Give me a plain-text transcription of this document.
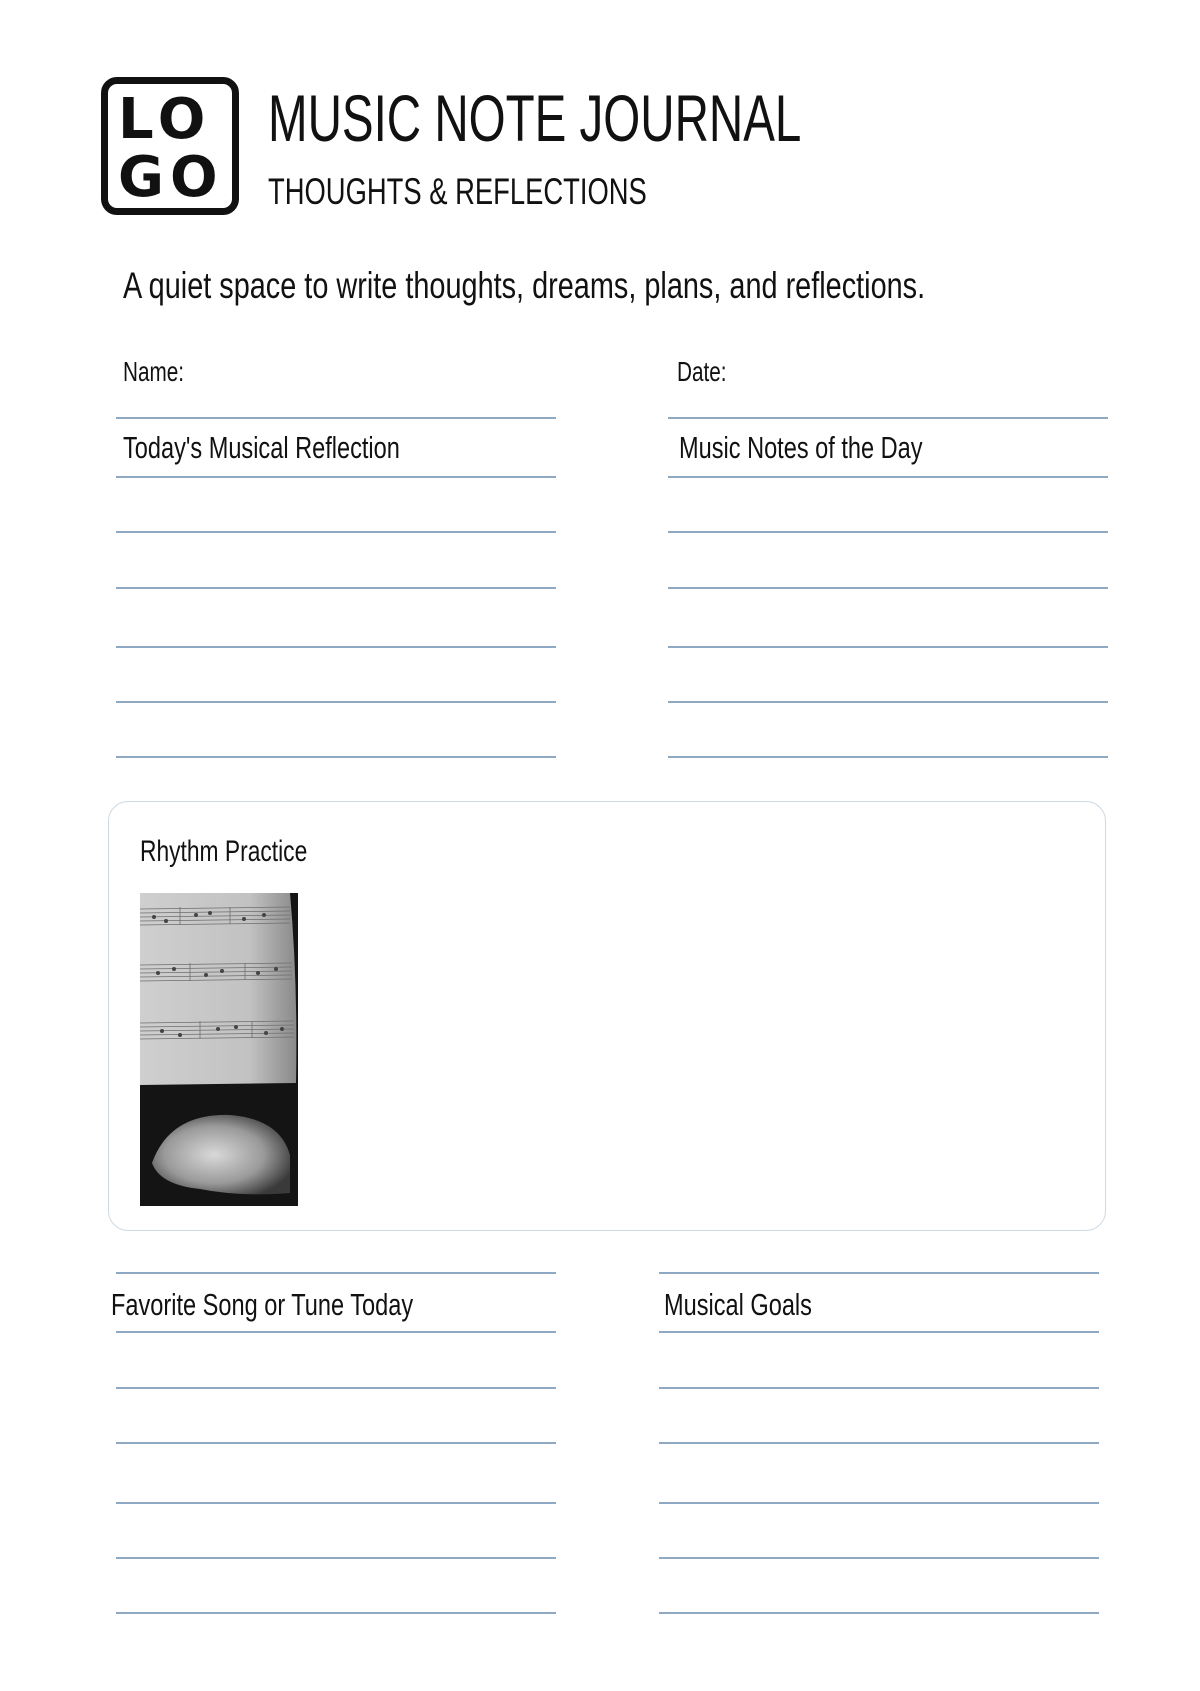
LO
GO
MUSIC NOTE JOURNAL
THOUGHTS & REFLECTIONS
A quiet space to write thoughts, dreams, plans, and reflections.
Name:	Date:
Today's Musical Reflection	Music Notes of the Day
Rhythm Practice
Favorite Song or Tune Today	Musical Goals
